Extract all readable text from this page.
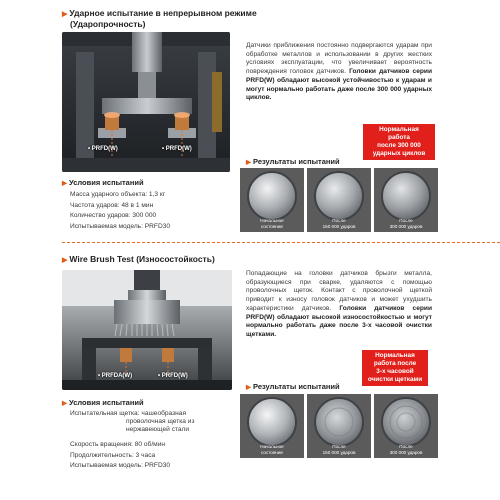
▶ Ударное испытание в непрерывном режиме
(Ударопрочность)
• PRFD(W)	• PRFD(W)
▶ Условия испытаний
Масса ударного объекта: 1,3 кг
Частота ударов: 48 в 1 мин
Количество ударов: 300 000
Испытываемая модель: PRFD30
Датчики приближения постоянно подвергаются ударам при обработке металлов и использовании в других жестких условиях эксплуатации, что увеличивает вероятность повреждения головок датчиков. Головки датчиков серии PRFD(W) обладают высокой устойчивостью к ударам и могут нормально работать даже после 300 000 ударных циклов.
Нормальная
работа
после 300 000
ударных циклов
▶ Результаты испытаний
Начальное
состояние
После
150 000 ударов
После
300 000 ударов
▶ Wire Brush Test (Износостойкость)
• PRFDA(W)	• PRFD(W)
▶ Условия испытаний
Испытательная щетка: чашеобразная
проволочная щетка из
нержавеющей стали
Скорость вращения: 80 об/мин
Продолжительность: 3 часа
Испытываемая модель: PRFD30
Попадающие на головки датчиков брызги металла, образующиеся при сварке, удаляются с помощью проволочных щеток. Контакт с проволочной щеткой приводит к износу головок датчиков и может ухудшить характеристики датчиков. Головки датчиков серии PRFD(W) обладают высокой износостойкостью и могут нормально работать даже после 3-х часовой очистки щетками.
Нормальная
работа после
3-х часовой
очистки щетками
▶ Результаты испытаний
Начальное
состояние
После
150 000 ударов
После
300 000 ударов
